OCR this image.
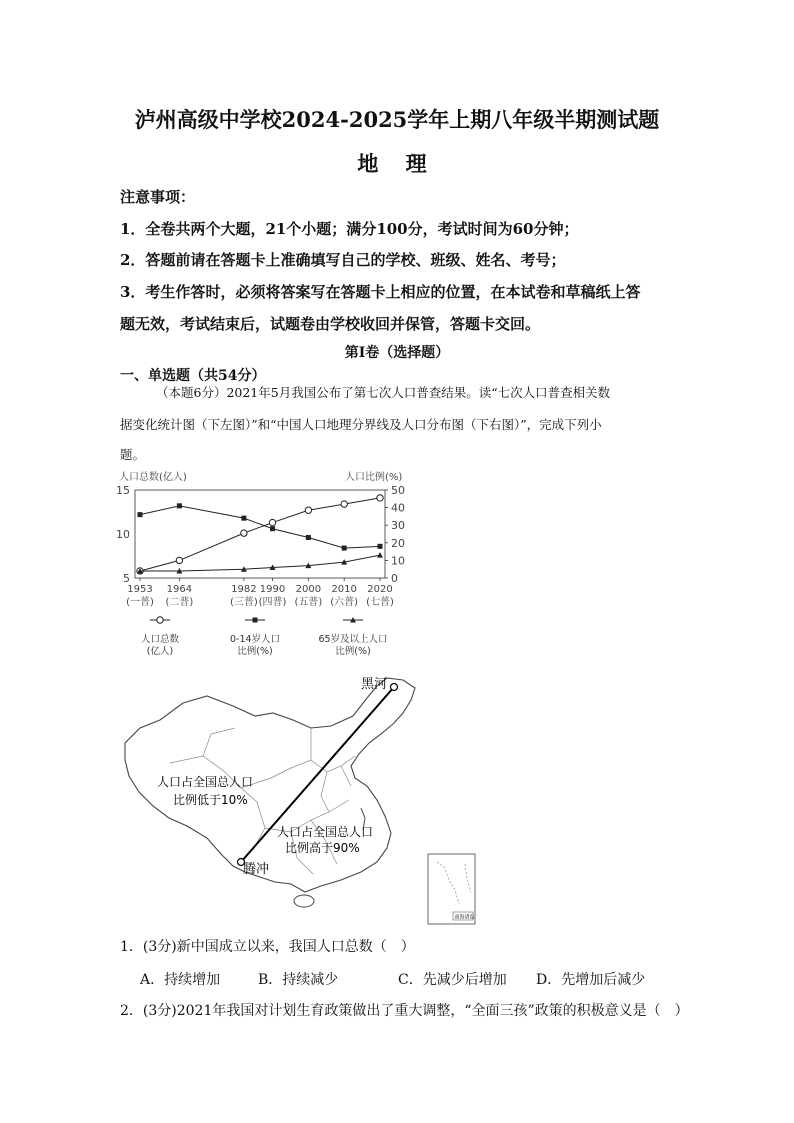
泸州高级中学校2024-2025学年上期八年级半期测试题
地 理
注意事项：
1．全卷共两个大题，21个小题；满分100分，考试时间为60分钟；
2．答题前请在答题卡上准确填写自己的学校、班级、姓名、考号；
3．考生作答时，必须将答案写在答题卡上相应的位置，在本试卷和草稿纸上答
题无效，考试结束后，试题卷由学校收回并保管，答题卡交回。
第Ⅰ卷（选择题）
一、单选题（共54分）
（本题6分）2021年5月我国公布了第七次人口普查结果。读“七次人口普查相关数
据变化统计图（下左图）”和“中国人口地理分界线及人口分布图（下右图）”，完成下列小
题。
人口总数(亿人)	人口比例(%)
5
10
15
0
10
20
30
40
50
1953
(一普)
1964
(二普)
1982
(三普)
1990
(四普)
2000
(五普)
2010
(六普)
2020
(七普)
人口总数
(亿人)
0-14岁人口
比例(%)
65岁及以上人口
比例(%)
黑河
腾冲
人口占全国总人口
比例低于10%
人口占全国总人口
比例高于90%
南海诸岛
1．(3分)新中国成立以来，我国人口总数（　）
A．持续增加	B．持续减少	C．先减少后增加 D．先增加后减少
2．(3分)2021年我国对计划生育政策做出了重大调整，“全面三孩”政策的积极意义是（　）
